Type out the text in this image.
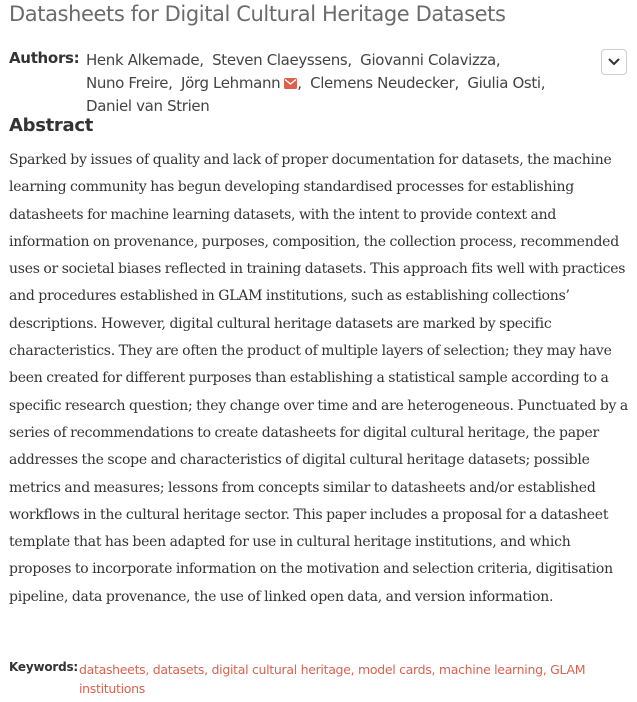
Datasheets for Digital Cultural Heritage Datasets
Authors: Henk Alkemade, Steven Claeyssens, Giovanni Colavizza, Nuno Freire, Jörg Lehmann , Clemens Neudecker, Giulia Osti, Daniel van Strien
Abstract

Sparked by issues of quality and lack of proper documentation for datasets, the machine learning community has begun developing standardised processes for establishing datasheets for machine learning datasets, with the intent to provide context and information on provenance, purposes, composition, the collection process, recommended uses or societal biases reflected in training datasets. This approach fits well with practices and procedures established in GLAM institutions, such as establishing collections’ descriptions. However, digital cultural heritage datasets are marked by specific characteristics. They are often the product of multiple layers of selection; they may have been created for different purposes than establishing a statistical sample according to a specific research question; they change over time and are heterogeneous. Punctuated by a series of recommendations to create datasheets for digital cultural heritage, the paper addresses the scope and characteristics of digital cultural heritage datasets; possible metrics and measures; lessons from concepts similar to datasheets and/or established workflows in the cultural heritage sector. This paper includes a proposal for a datasheet template that has been adapted for use in cultural heritage institutions, and which proposes to incorporate information on the motivation and selection criteria, digitisation pipeline, data provenance, the use of linked open data, and version information.

Keywords: datasheets, datasets, digital cultural heritage, model cards, machine learning, GLAM institutions
